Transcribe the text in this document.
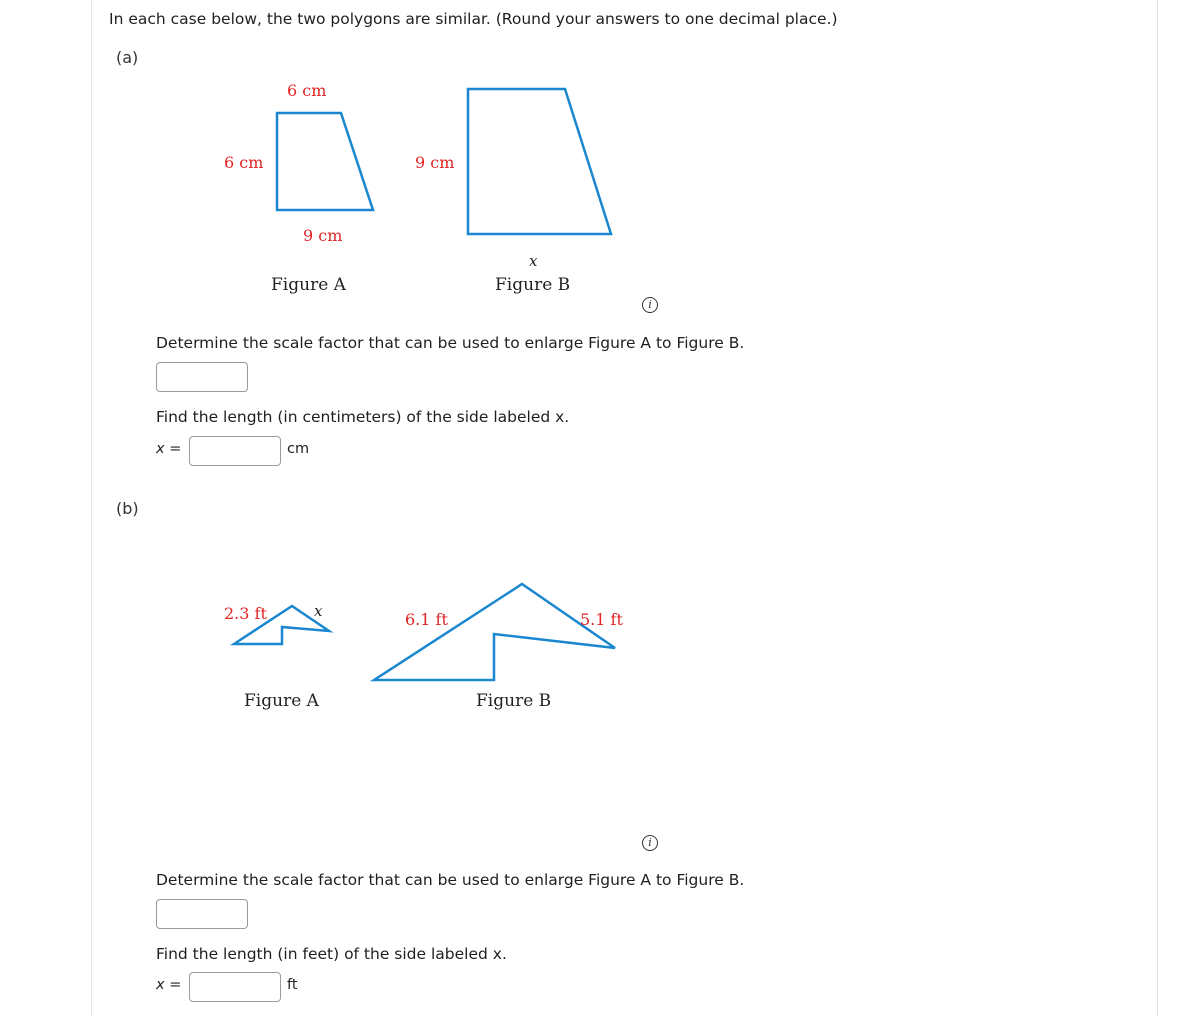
In each case below, the two polygons are similar. (Round your answers to one decimal place.)
(a)
6 cm
6 cm
9 cm
Figure A
9 cm
x
Figure B
i
Determine the scale factor that can be used to enlarge Figure A to Figure B.
Find the length (in centimeters) of the side labeled x.
x =	cm
(b)
2.3 ft	x
Figure A
6.1 ft	5.1 ft
Figure B
i
Determine the scale factor that can be used to enlarge Figure A to Figure B.
Find the length (in feet) of the side labeled x.
x =	ft
